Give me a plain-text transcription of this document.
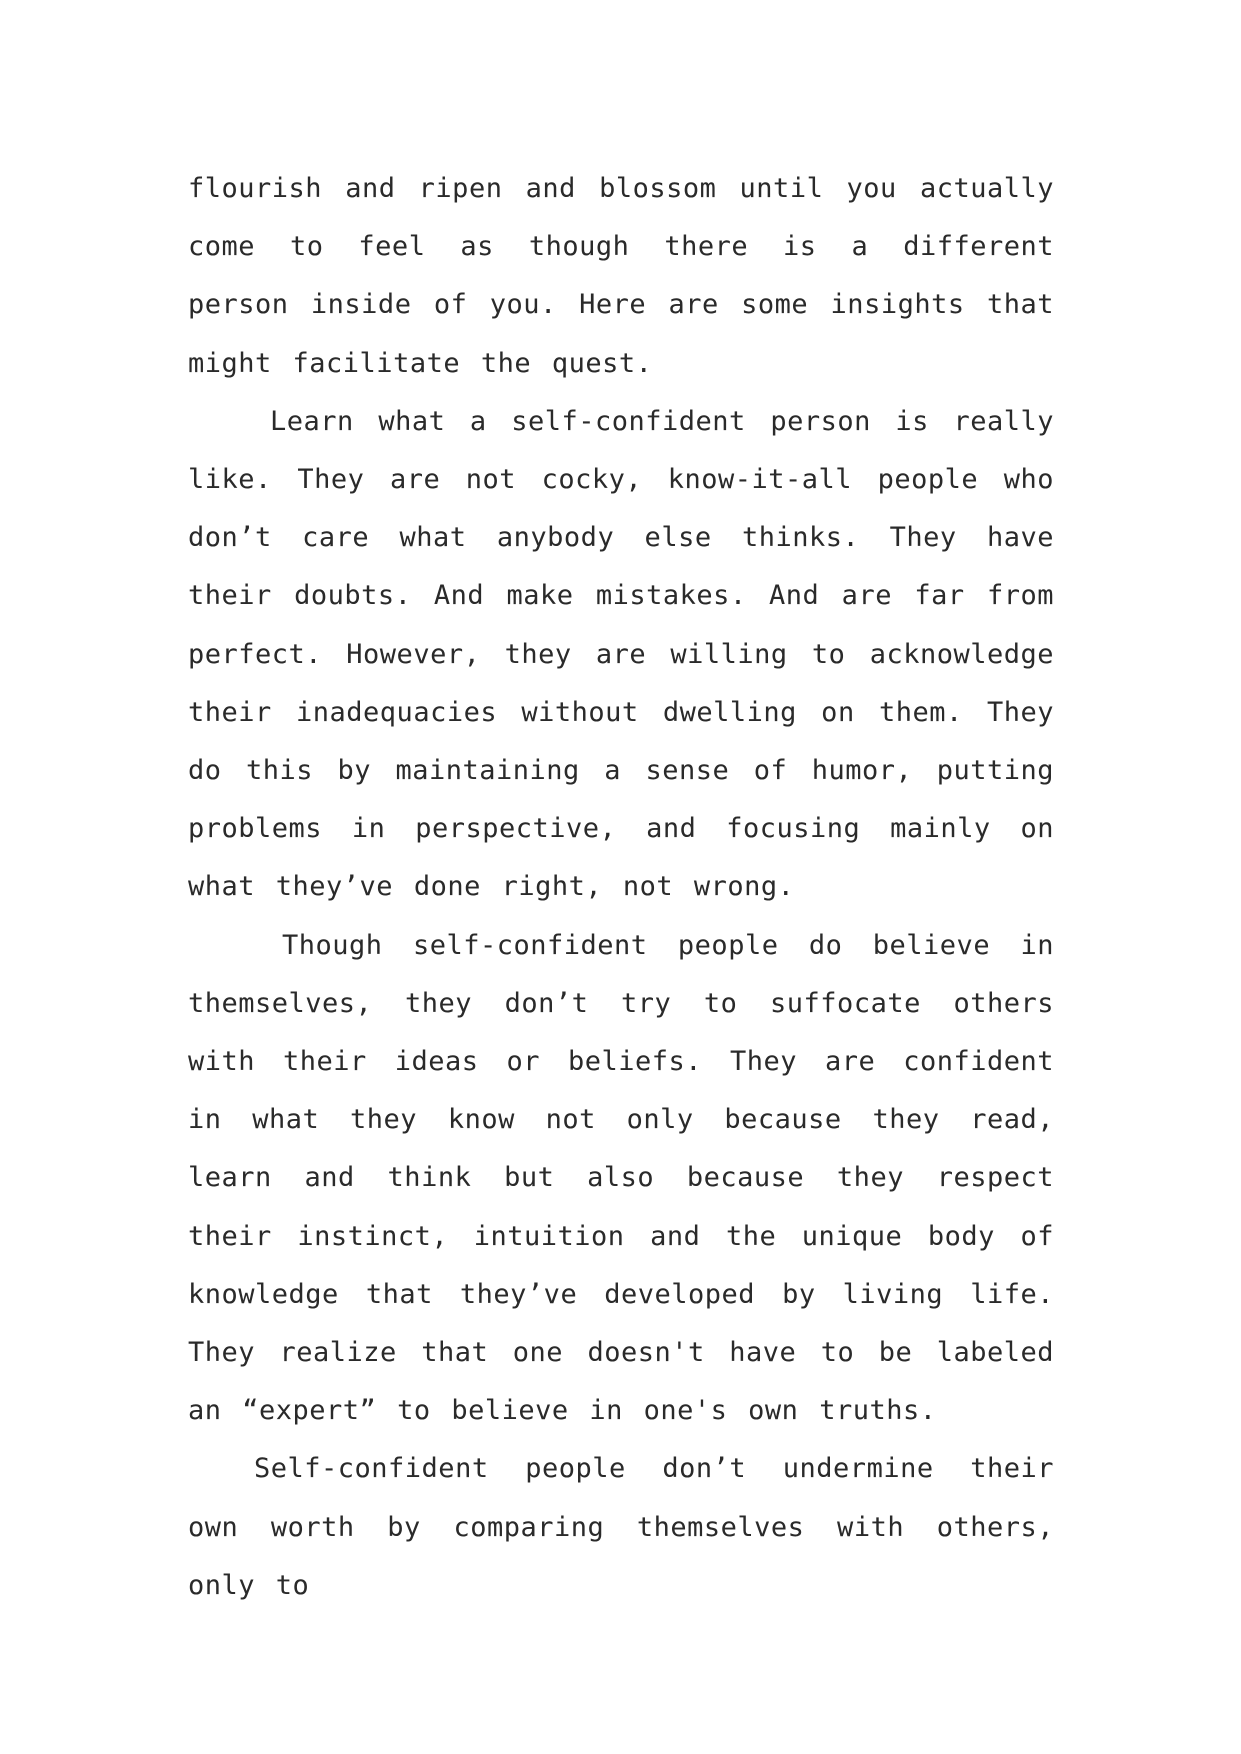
flourish and ripen and blossom until you actually come to feel as though there is a different person inside of you. Here are some insights that might facilitate the quest.

Learn what a self-confident person is really like. They are not cocky, know-it-all people who don’t care what anybody else thinks. They have their doubts. And make mistakes. And are far from perfect. However, they are willing to acknowledge their inadequacies without dwelling on them. They do this by maintaining a sense of humor, putting problems in perspective, and focusing mainly on what they’ve done right, not wrong.

Though self-confident people do believe in themselves, they don’t try to suffocate others with their ideas or beliefs. They are confident in what they know not only because they read, learn and think but also because they respect their instinct, intuition and the unique body of knowledge that they’ve developed by living life. They realize that one doesn't have to be labeled an “expert” to believe in one's own truths.

Self-confident people don’t undermine their own worth by comparing themselves with others, only to
